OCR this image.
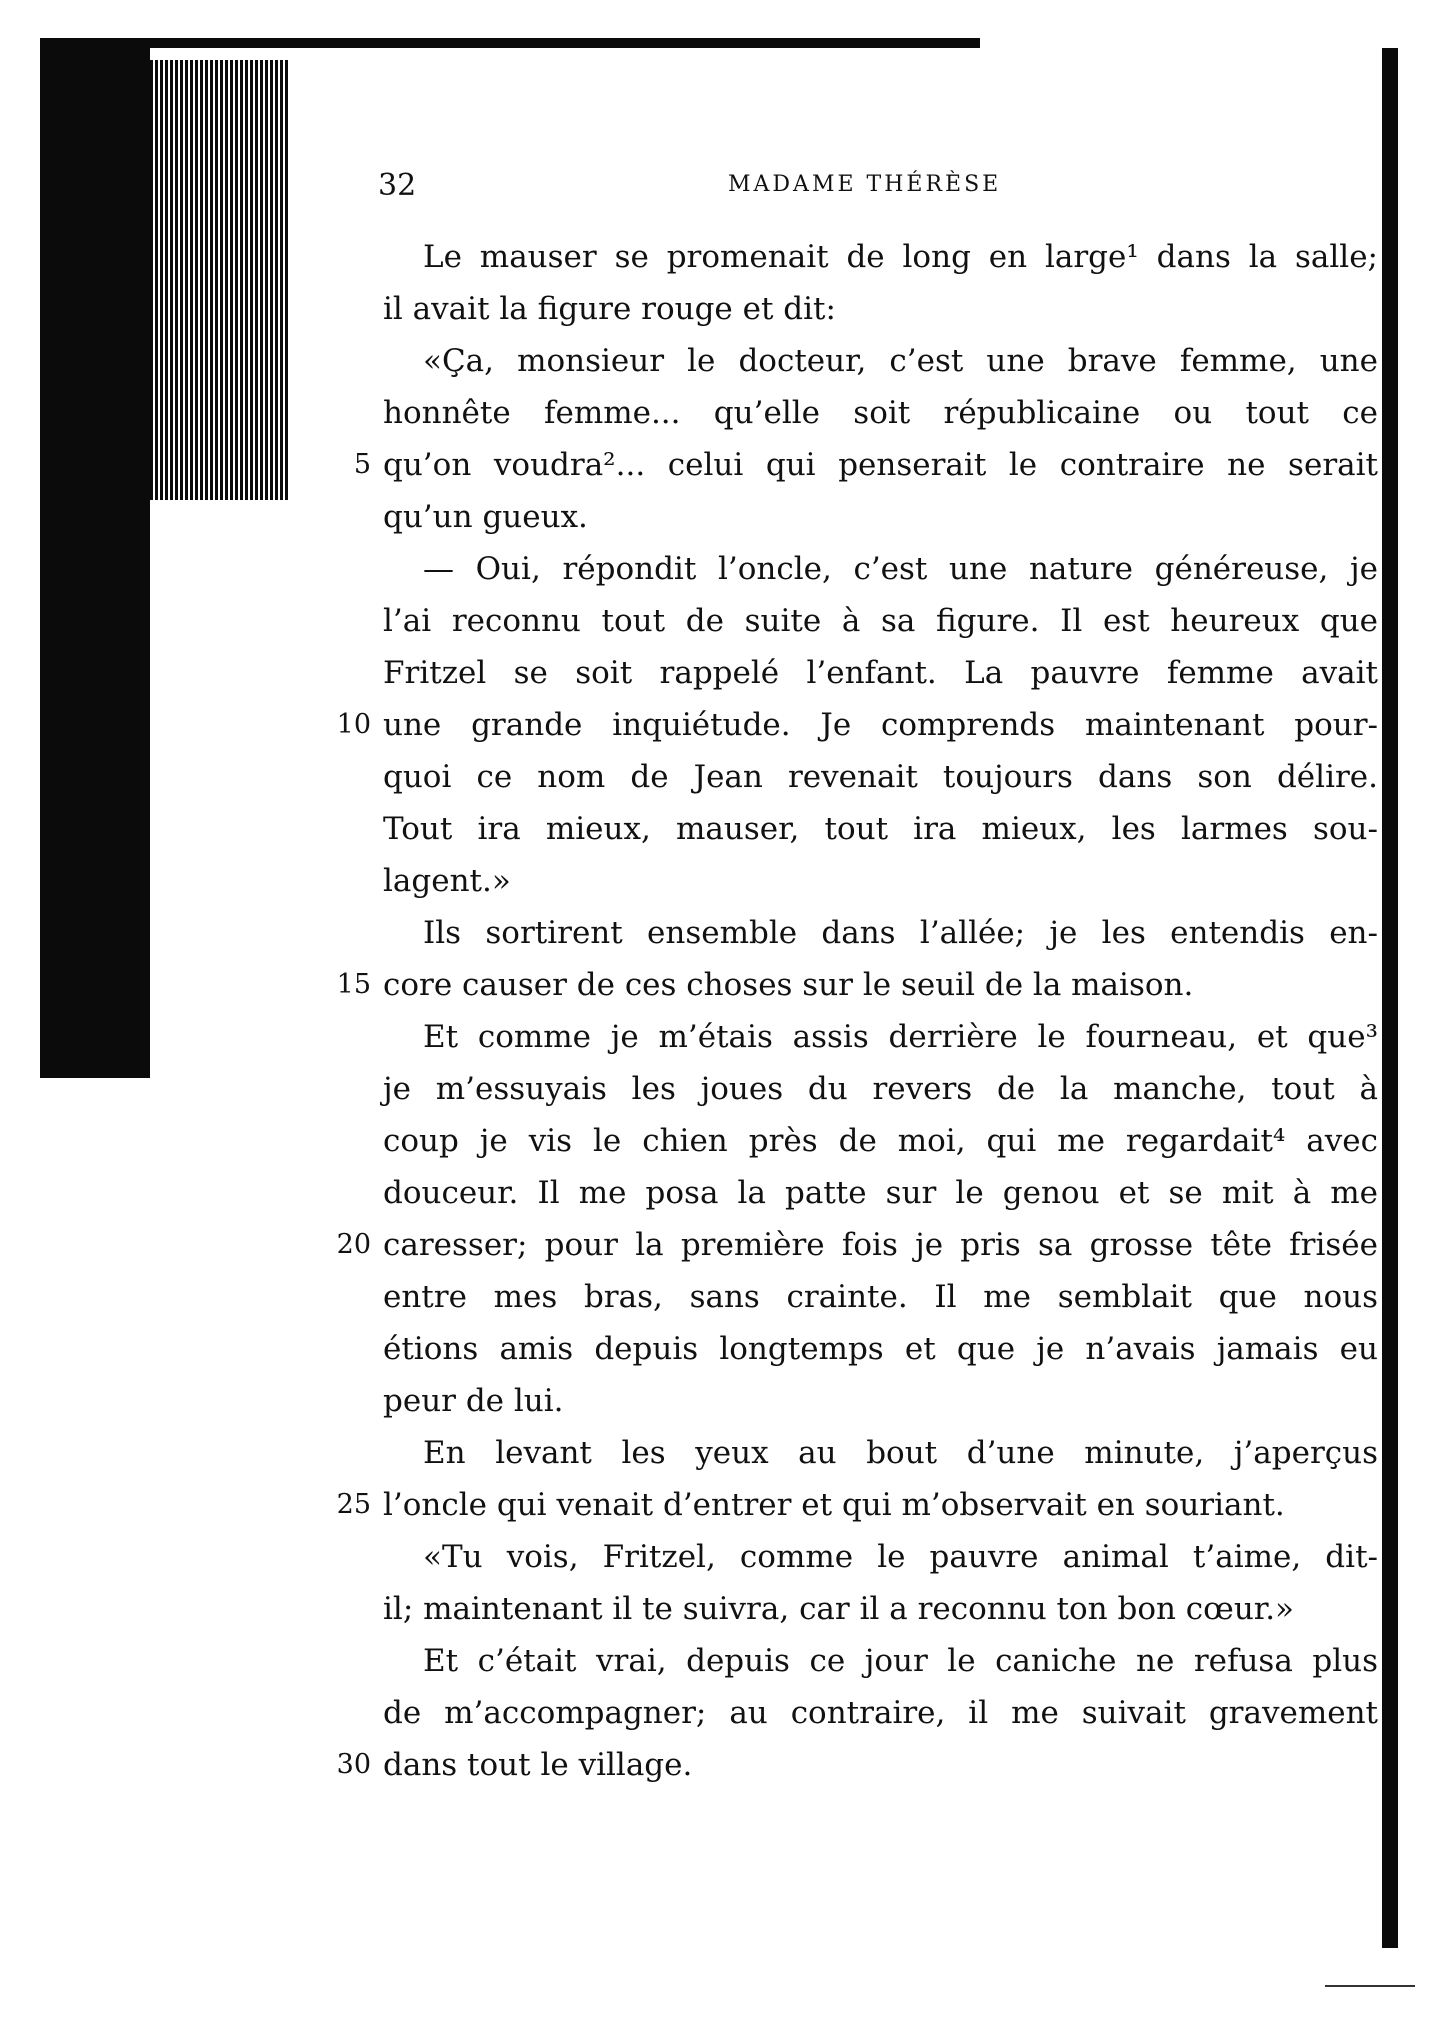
32	MADAME THÉRÈSE
Le mauser se promenait de long en large¹ dans la salle;
il avait la figure rouge et dit:
«Ça, monsieur le docteur, c’est une brave femme, une
honnête femme... qu’elle soit républicaine ou tout ce
5 qu’on voudra²... celui qui penserait le contraire ne serait
qu’un gueux.
— Oui, répondit l’oncle, c’est une nature généreuse, je
l’ai reconnu tout de suite à sa figure. Il est heureux que
Fritzel se soit rappelé l’enfant. La pauvre femme avait
10 une grande inquiétude. Je comprends maintenant pour-
quoi ce nom de Jean revenait toujours dans son délire.
Tout ira mieux, mauser, tout ira mieux, les larmes sou-
lagent.»
Ils sortirent ensemble dans l’allée; je les entendis en-
15 core causer de ces choses sur le seuil de la maison.
Et comme je m’étais assis derrière le fourneau, et que³
je m’essuyais les joues du revers de la manche, tout à
coup je vis le chien près de moi, qui me regardait⁴ avec
douceur. Il me posa la patte sur le genou et se mit à me
20 caresser; pour la première fois je pris sa grosse tête frisée
entre mes bras, sans crainte. Il me semblait que nous
étions amis depuis longtemps et que je n’avais jamais eu
peur de lui.
En levant les yeux au bout d’une minute, j’aperçus
25 l’oncle qui venait d’entrer et qui m’observait en souriant.
«Tu vois, Fritzel, comme le pauvre animal t’aime, dit-
il; maintenant il te suivra, car il a reconnu ton bon cœur.»
Et c’était vrai, depuis ce jour le caniche ne refusa plus
de m’accompagner; au contraire, il me suivait gravement
30 dans tout le village.
